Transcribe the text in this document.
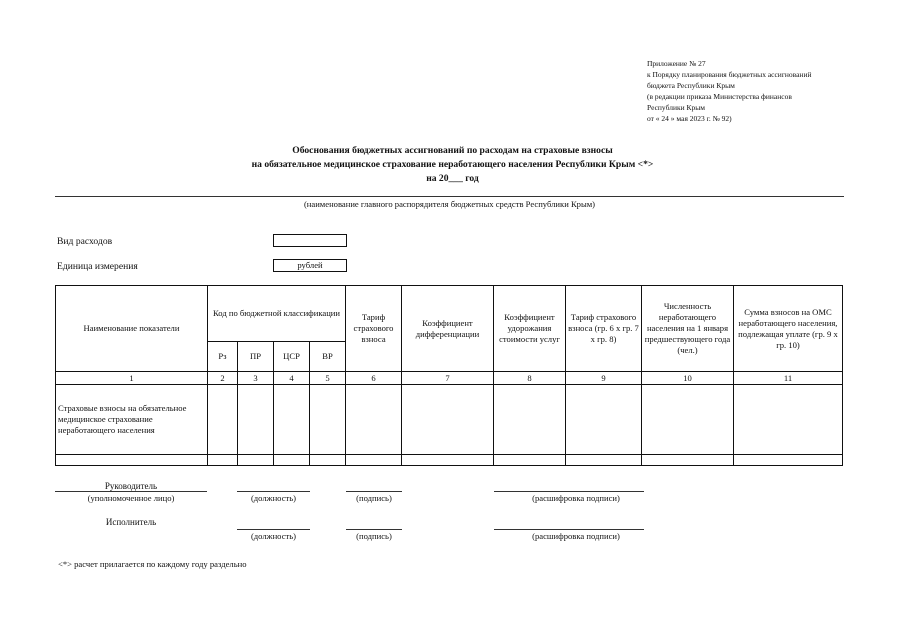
Приложение № 27
к Порядку планирования бюджетных ассигнований
бюджета Республики Крым
(в редакции приказа Министерства финансов
Республики Крым
от « 24 » мая 2023 г. № 92)
Обоснования бюджетных ассигнований по расходам на страховые взносы
на обязательное медицинское страхование неработающего населения Республики Крым <*>
на 20___ год
(наименование главного распорядителя бюджетных средств Республики Крым)
Вид расходов
Единица измерения	рублей
Наименование показатели	Код по бюджетной классификации				Тариф страхового взноса	Коэффициент дифференциации	Коэффициент удорожания стоимости услуг	Тариф страхового взноса (гр. 6 х гр. 7 х гр. 8)	Численность неработающего населения на 1 января предшествующего года (чел.)	Сумма взносов на ОМС неработающего населения, подлежащая уплате (гр. 9 х гр. 10)
	Рз	ПР	ЦСР	ВР						
1	2	3	4	5	6	7	8	9	10	11
Страховые взносы на обязательное медицинское страхование неработающего населения										

Руководитель
(уполномоченное лицо)	(должность)	(подпись)	(расшифровка подписи)
Исполнитель
(должность)	(подпись)	(расшифровка подписи)
<*> расчет прилагается по каждому году раздельно
